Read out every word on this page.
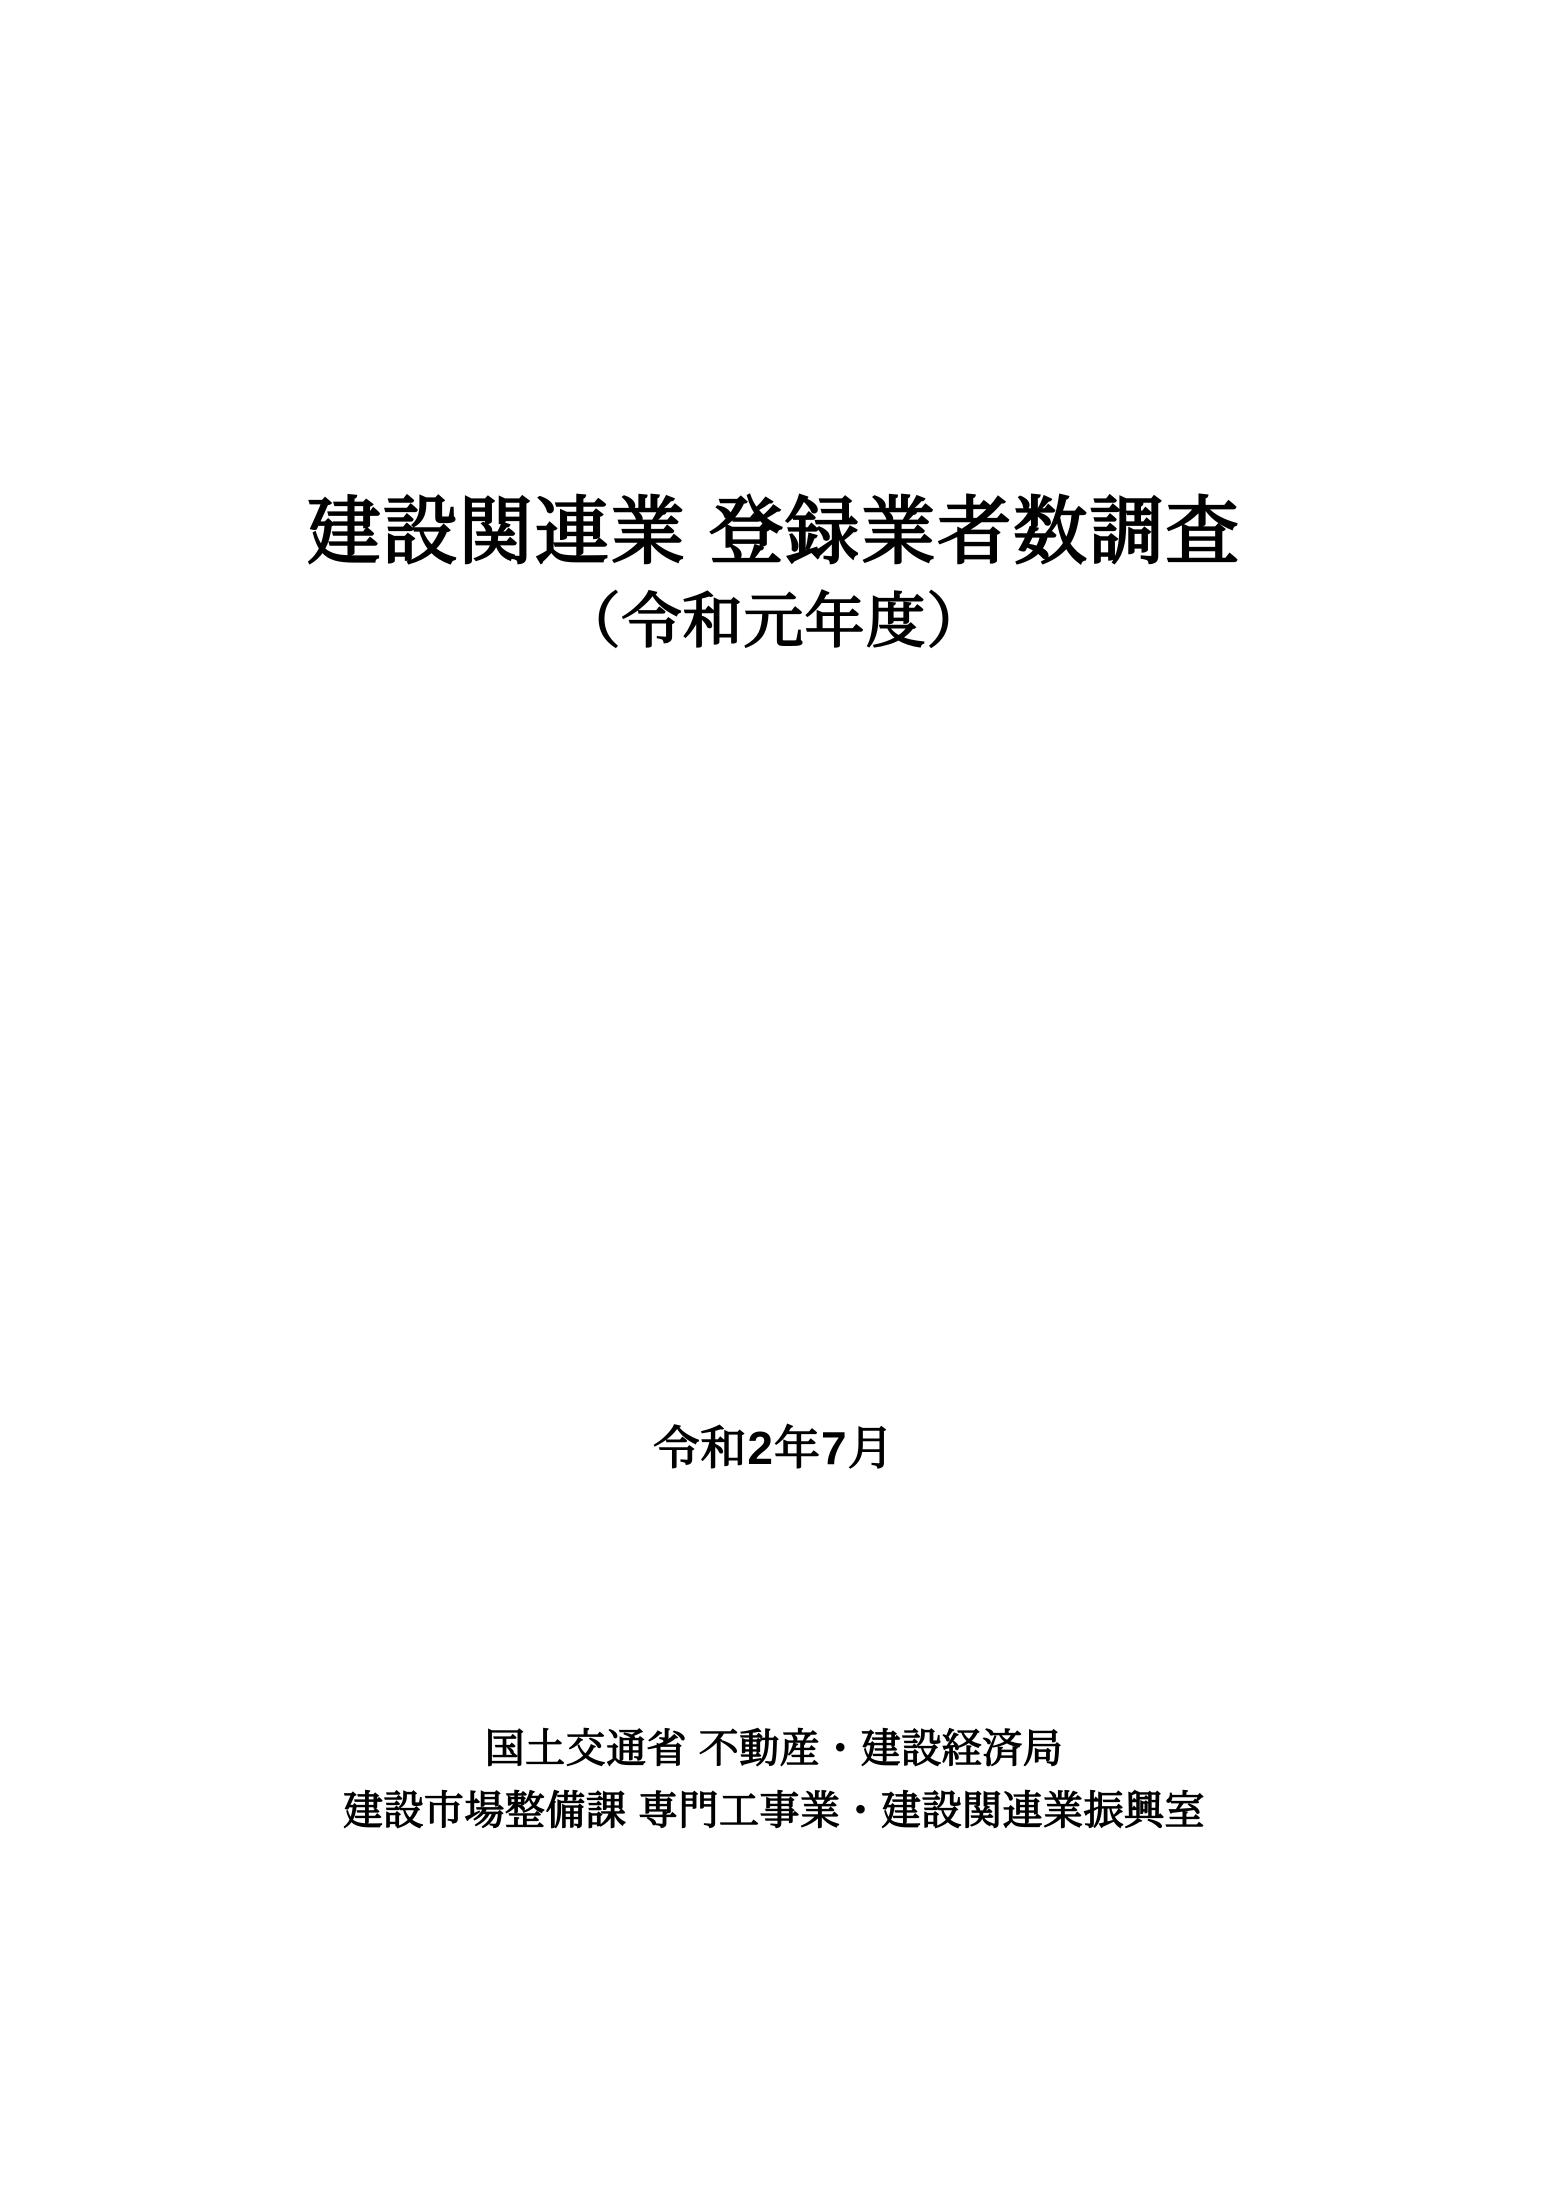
建設関連業 登録業者数調査
（令和元年度）
令和2年7月
国土交通省 不動産・建設経済局
建設市場整備課 専門工事業・建設関連業振興室
